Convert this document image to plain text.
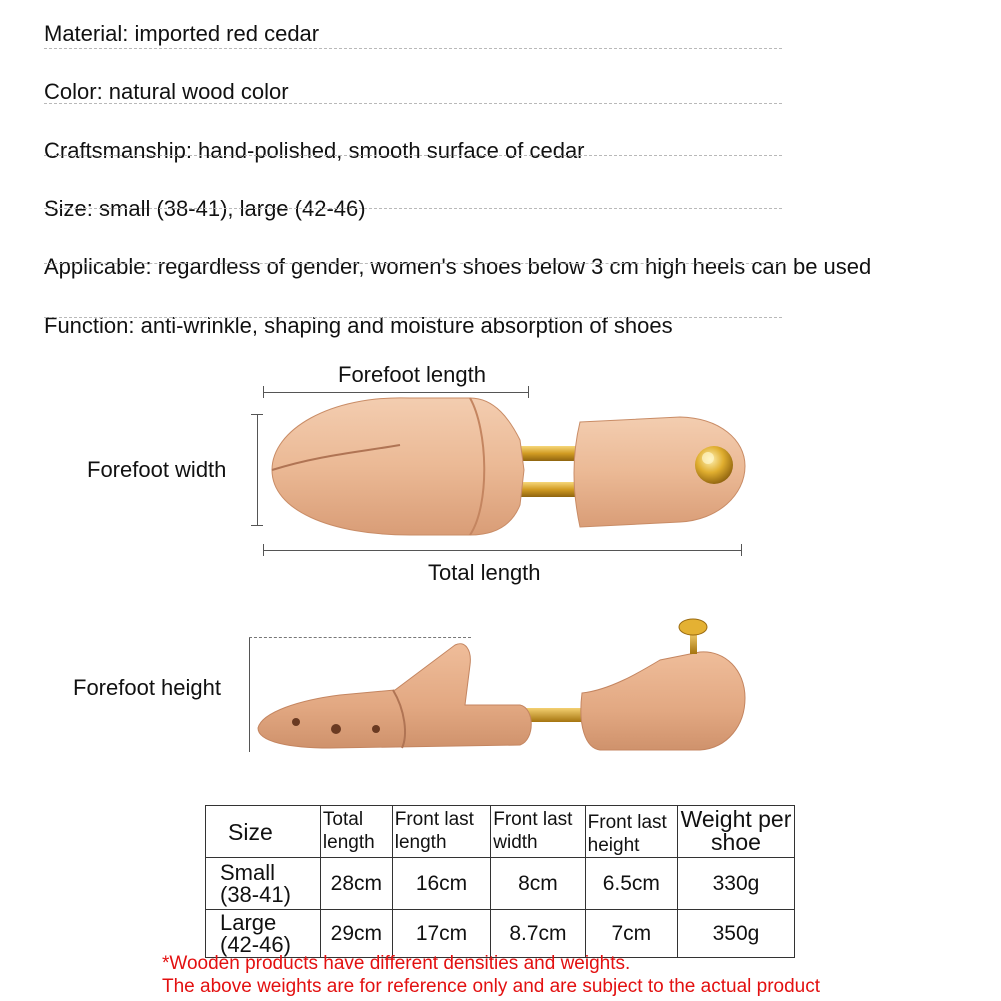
Material: imported red cedar
Color: natural wood color
Craftsmanship: hand-polished, smooth surface of cedar
Size: small (38-41), large (42-46)
Applicable: regardless of gender, women's shoes below 3 cm high heels can be used
Function: anti-wrinkle, shaping and moisture absorption of shoes
Forefoot length
Forefoot width
Total length
Forefoot height
Size	Total length	Front last length	Front last width	Front last height	Weight per shoe
Small (38-41)	28cm	16cm	8cm	6.5cm	330g
Large (42-46)	29cm	17cm	8.7cm	7cm	350g
*Wooden products have different densities and weights.
The above weights are for reference only and are subject to the actual product
